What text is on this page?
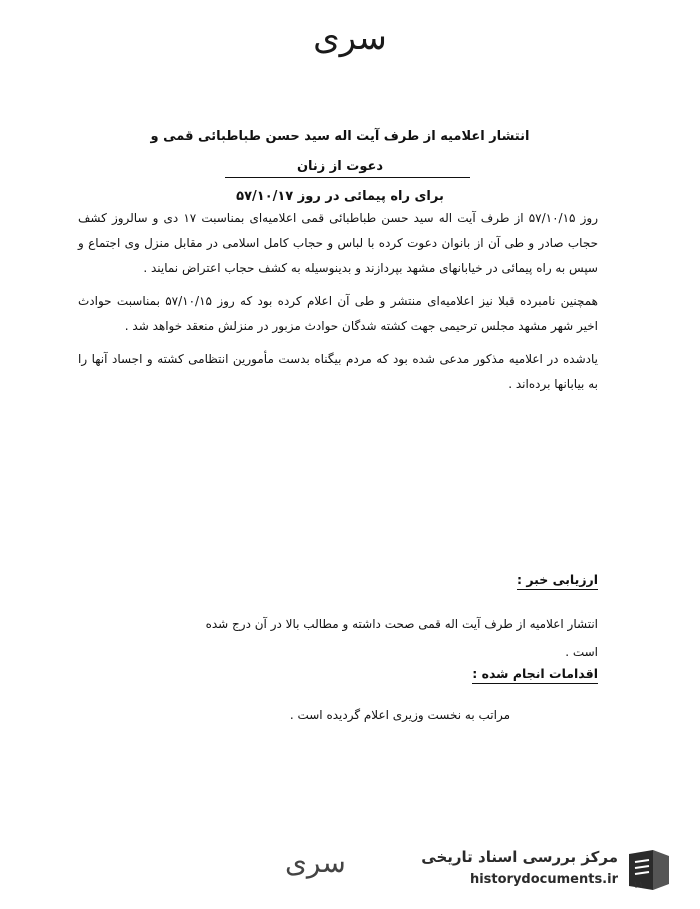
سری
انتشار اعلامیه از طرف آیت اله سید حسن طباطبائی قمی و دعوت از زنان
برای راه پیمائی در روز ۵۷/۱۰/۱۷

روز ۵۷/۱۰/۱۵ از طرف آیت اله سید حسن طباطبائی قمی اعلامیه‌ای بمناسبت ۱۷ دی و سالروز کشف حجاب صادر و طی آن از بانوان دعوت کرده با لباس و حجاب کامل اسلامی در مقابل منزل وی اجتماع و سپس به راه پیمائی در خیابانهای مشهد بپردازند و بدینوسیله به کشف حجاب اعتراض نمایند .

همچنین نامبرده قبلا نیز اعلامیه‌ای منتشر و طی آن اعلام کرده بود که روز ۵۷/۱۰/۱۵ بمناسبت حوادث اخیر شهر مشهد مجلس ترحیمی جهت کشته شدگان حوادث مزبور در منزلش منعقد خواهد شد .

یادشده در اعلامیه مذکور مدعی شده بود که مردم بیگناه بدست مأمورین انتظامی کشته و اجساد آنها را به بیابانها برده‌اند .

ارزیابی خبر :
انتشار اعلامیه از طرف آیت اله قمی صحت داشته و مطالب بالا در آن درج شده
است .
اقدامات انجام شده :
مراتب به نخست وزیری اعلام گردیده است .
سری	مرکز بررسی اسناد تاریخی
historydocuments.ir ۱۱
